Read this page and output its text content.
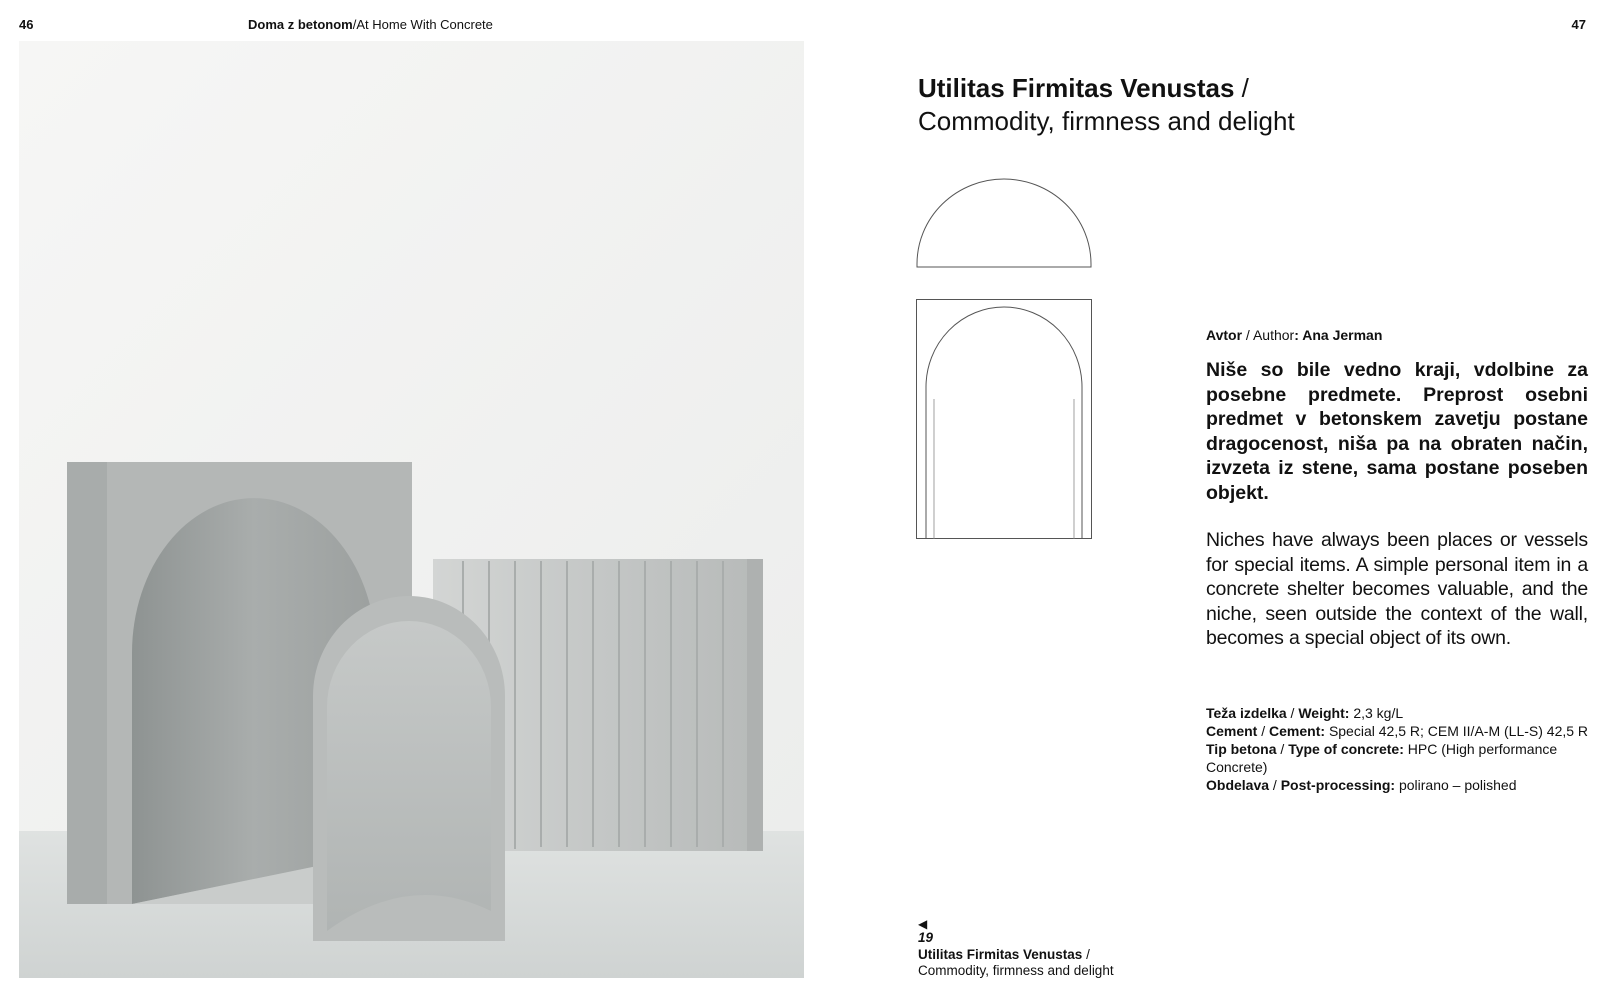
46	Doma z betonom/At Home With Concrete	47
Utilitas Firmitas Venustas /
Commodity, firmness and delight
Avtor / Author: Ana Jerman

Niše so bile vedno kraji, vdolbine za posebne predmete. Preprost osebni predmet v betonskem zavetju postane dragocenost, niša pa na obraten način, izvzeta iz stene, sama postane poseben objekt.

Niches have always been places or vessels for special items. A simple personal item in a concrete shelter becomes valuable, and the niche, seen outside the context of the wall, becomes a special object of its own.

Teža izdelka / Weight: 2,3 kg/L
Cement / Cement: Special 42,5 R; CEM II/A-M (LL-S) 42,5 R
Tip betona / Type of concrete: HPC (High performance Concrete)
Obdelava / Post-processing: polirano – polished
◀
19
Utilitas Firmitas Venustas /
Commodity, firmness and delight
